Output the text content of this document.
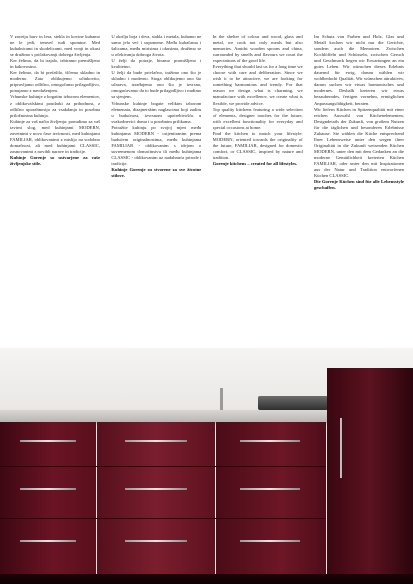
V zavetju barv in lesa, stekla in kovine kuhamo ne le jedi, temveč tudi spomine. Med kuhalnicami in skodelicami, med vonji in okusi se družimo s pričakovanji dobrega življenja.

Ker želimo, da bi trajalo, izbiramo premišljeno in kakovostno.

Ker želimo, da bi prefašilo, iščemo skladno in moderno. Zato oblikujemo učinkovito, pripravljamo odlično, omogočamo prilagodljivo, ponujamo z navdušenjem.

Vrhunske kuhinje z bogatim izborom elementov, z oblikovalskimi poudarki za prihodnost, z odlično uporabnostjo za vsakdanja in posebna priložnostna kuhinja.

Kuhinje za vaš način življenja: ponudimo za vaš izvirni slog, med kuhinjami MODERN, zavetnimi v novo čase izvirnosti, med kuhinjami FAMILIAR, oblikovanimi z mislijo na sodobno domačnost, ali med kuhinjami CLASSIC, zasnovanimi z novihli narave in tradicije.

Kuhinje Gorenje so ustvarjene za vaše življenjske stile.

U okrilju boja i drva, stakla i metala, kuhamo ne samo jela već i uspomene. Među kuhačama i šalicama, među mirisima i okusima, družimo se u očekivanju dobroga života.

U želji da potraje, biramo promišljeno i kvalitetno.

U želji da bude privlačno, tražimo ono što je skladno i moderno. Stoga oblikujemo ono što učarava, izrađujemo ono što je izvrsno, omogućavamo da to bude prilagodljivo i nudimo sa sjenjem.

Vrhunske kuhinje bogate velikim izborom elemenata, dizajnerskim naglascima koji zadiru u budućnost, izvrsnom upotrebivošću u svakodnevici doma i u posebnim prilikama.

Potražite kuhinju po svojoj mjeri među kuhinjama MODERN - orijentiranim prema budućem originalnostima, među kuhinjama FAMILIAR - oblikovanim s idejom o suvremenom domaćinstvu ili među kuhinjama CLASSIC - oblikovanim uz nadahnuća prirode i tradicije.

Kuhinje Gorenje su stvorene za sve životne stilove.

In the shelter of colour and wood, glass and metal, we cook not only meals but also memories. Amidst wooden spoons and china, surrounded by smells and flavours we court the expectations of the good life.

Everything that should last us for a long time we choose with care and deliberation. Since we wish it to be attractive, we are looking for something harmonious and trendy. For that reason we design what is charming, we manufacture with excellence, we create what is flexible, we provide advice.

Top quality kitchens featuring a wide selection of elements, designer touches for the future, with excellent functionality for everyday and special occasions at home.

Find the kitchen to match your lifestyle: MODERN, oriented towards the originality of the future, FAMILIAR, designed for domestic comfort, or CLASSIC, inspired by nature and tradition.

Gorenje kitchens – created for all lifestyles.

Im Schutz von Farben und Holz, Glas und Metall kochen wir nicht nur die Gerichte, sondern auch die Memoiren. Zwischen Kochlöffeln und Schüsseln, zwischen Geruch und Geschmack hegen wir Erwartungen an ein gutes Leben. Wir wünschen dieses Erlebnis dauernd für ewig, darum wählen wir wohlbedacht Qualität. Wir wünschen attraktives, darum suchen wir etwas harmonisches und modernes. Deshalb kreieren wir etwas bezauberndes, fertigen vornehm, ermöglichen Anpassungsfähigkeit, beraten.

Wir liefern Küchen in Spitzenqualität mit einer reichen Auswahl von Küchenelementen, Designdetails der Zukunft, von großem Nutzen für die täglichen und besonderen Erlebnisse Zuhause. Sie wählen die Küche entsprechend Ihrer Lebensweise unter den wegen ihrer Originalität in die Zukunft weisenden Küchen MODERN, unter den mit dem Gedanken an die moderne Gemütlichkeit kreierten Küchen FAMILIAR, oder unter den mit Inspirationen aus der Natur und Tradition entworfenen Küchen CLASSIC.

Die Gorenje Küchen sind für alle Lebensstyle geschaffen.
